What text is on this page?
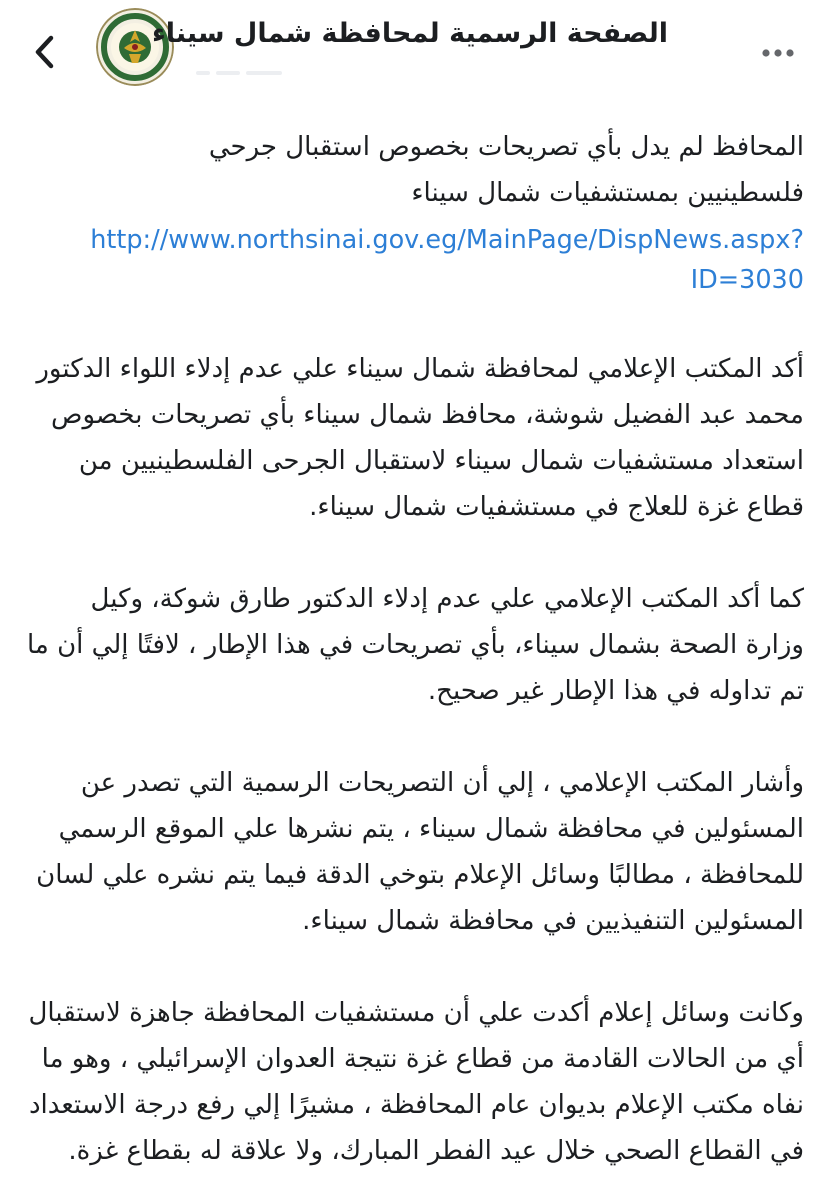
الصفحة الرسمية لمحافظة شمال سيناء

المحافظ لم يدل بأي تصريحات بخصوص استقبال جرحي

فلسطينيين بمستشفيات شمال سيناء

http://www.northsinai.gov.eg/MainPage/DispNews.aspx?
ID=3030

أكد المكتب الإعلامي لمحافظة شمال سيناء علي عدم إدلاء اللواء الدكتور محمد عبد الفضيل شوشة، محافظ شمال سيناء بأي تصريحات بخصوص استعداد مستشفيات شمال سيناء لاستقبال الجرحى الفلسطينيين من قطاع غزة للعلاج في مستشفيات شمال سيناء.

كما أكد المكتب الإعلامي علي عدم إدلاء الدكتور طارق شوكة، وكيل وزارة الصحة بشمال سيناء، بأي تصريحات في هذا الإطار ، لافتًا إلي أن ما تم تداوله في هذا الإطار غير صحيح.

وأشار المكتب الإعلامي ، إلي أن التصريحات الرسمية التي تصدر عن المسئولين في محافظة شمال سيناء ، يتم نشرها علي الموقع الرسمي للمحافظة ، مطالبًا وسائل الإعلام بتوخي الدقة فيما يتم نشره علي لسان المسئولين التنفيذيين في محافظة شمال سيناء.

وكانت وسائل إعلام أكدت علي أن مستشفيات المحافظة جاهزة لاستقبال أي من الحالات القادمة من قطاع غزة نتيجة العدوان الإسرائيلي ، وهو ما نفاه مكتب الإعلام بديوان عام المحافظة ، مشيرًا إلي رفع درجة الاستعداد في القطاع الصحي خلال عيد الفطر المبارك، ولا علاقة له بقطاع غزة.
